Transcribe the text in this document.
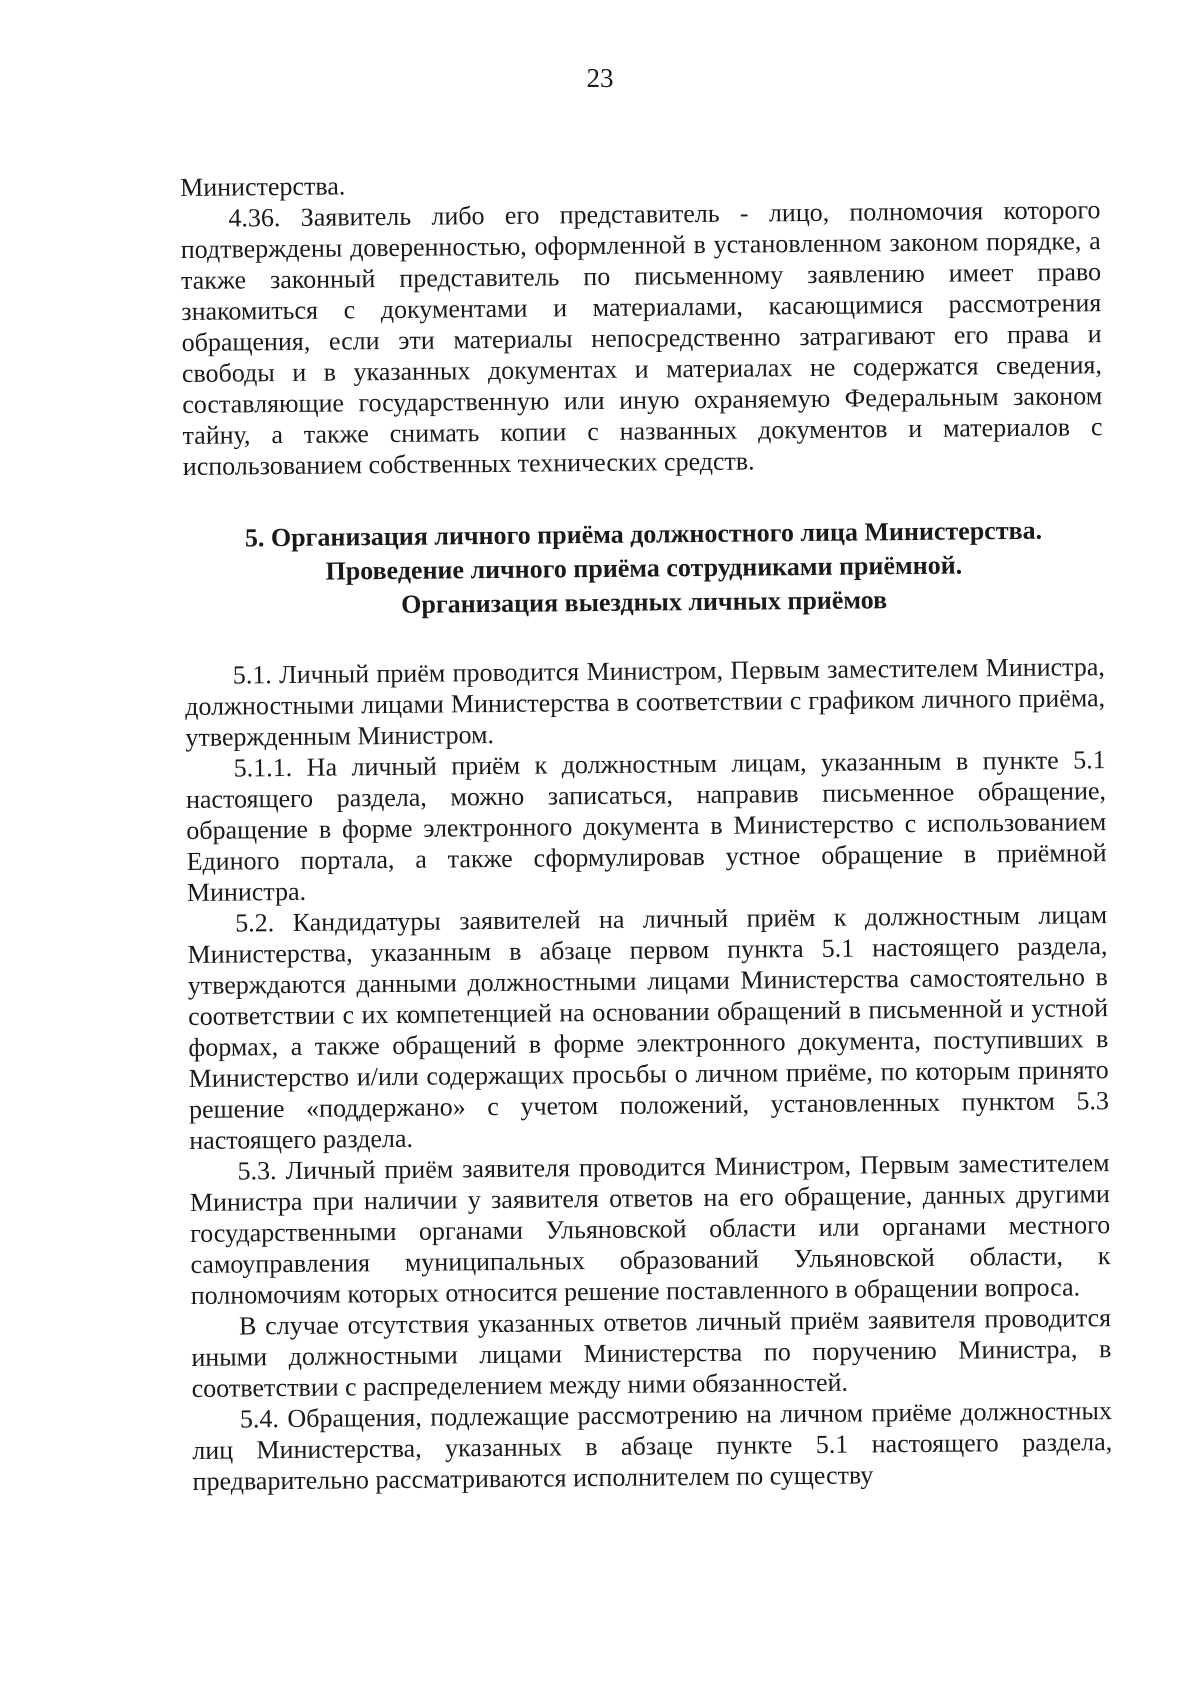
23

Министерства.

4.36. Заявитель либо его представитель - лицо, полномочия которого подтверждены доверенностью, оформленной в установленном законом порядке, а также законный представитель по письменному заявлению имеет право знакомиться с документами и материалами, касающимися рассмотрения обращения, если эти материалы непосредственно затрагивают его права и свободы и в указанных документах и материалах не содержатся сведения, составляющие государственную или иную охраняемую Федеральным законом тайну, а также снимать копии с названных документов и материалов с использованием собственных технических средств.

5. Организация личного приёма должностного лица Министерства.
Проведение личного приёма сотрудниками приёмной.
Организация выездных личных приёмов

5.1. Личный приём проводится Министром, Первым заместителем Министра, должностными лицами Министерства в соответствии с графиком личного приёма, утвержденным Министром.

5.1.1. На личный приём к должностным лицам, указанным в пункте 5.1 настоящего раздела, можно записаться, направив письменное обращение, обращение в форме электронного документа в Министерство с использованием Единого портала, а также сформулировав устное обращение в приёмной Министра.

5.2. Кандидатуры заявителей на личный приём к должностным лицам Министерства, указанным в абзаце первом пункта 5.1 настоящего раздела, утверждаются данными должностными лицами Министерства самостоятельно в соответствии с их компетенцией на основании обращений в письменной и устной формах, а также обращений в форме электронного документа, поступивших в Министерство и/или содержащих просьбы о личном приёме, по которым принято решение «поддержано» с учетом положений, установленных пунктом 5.3 настоящего раздела.

5.3. Личный приём заявителя проводится Министром, Первым заместителем Министра при наличии у заявителя ответов на его обращение, данных другими государственными органами Ульяновской области или органами местного самоуправления муниципальных образований Ульяновской области, к полномочиям которых относится решение поставленного в обращении вопроса.

В случае отсутствия указанных ответов личный приём заявителя проводится иными должностными лицами Министерства по поручению Министра, в соответствии с распределением между ними обязанностей.

5.4. Обращения, подлежащие рассмотрению на личном приёме должностных лиц Министерства, указанных в абзаце пункте 5.1 настоящего раздела, предварительно рассматриваются исполнителем по существу
